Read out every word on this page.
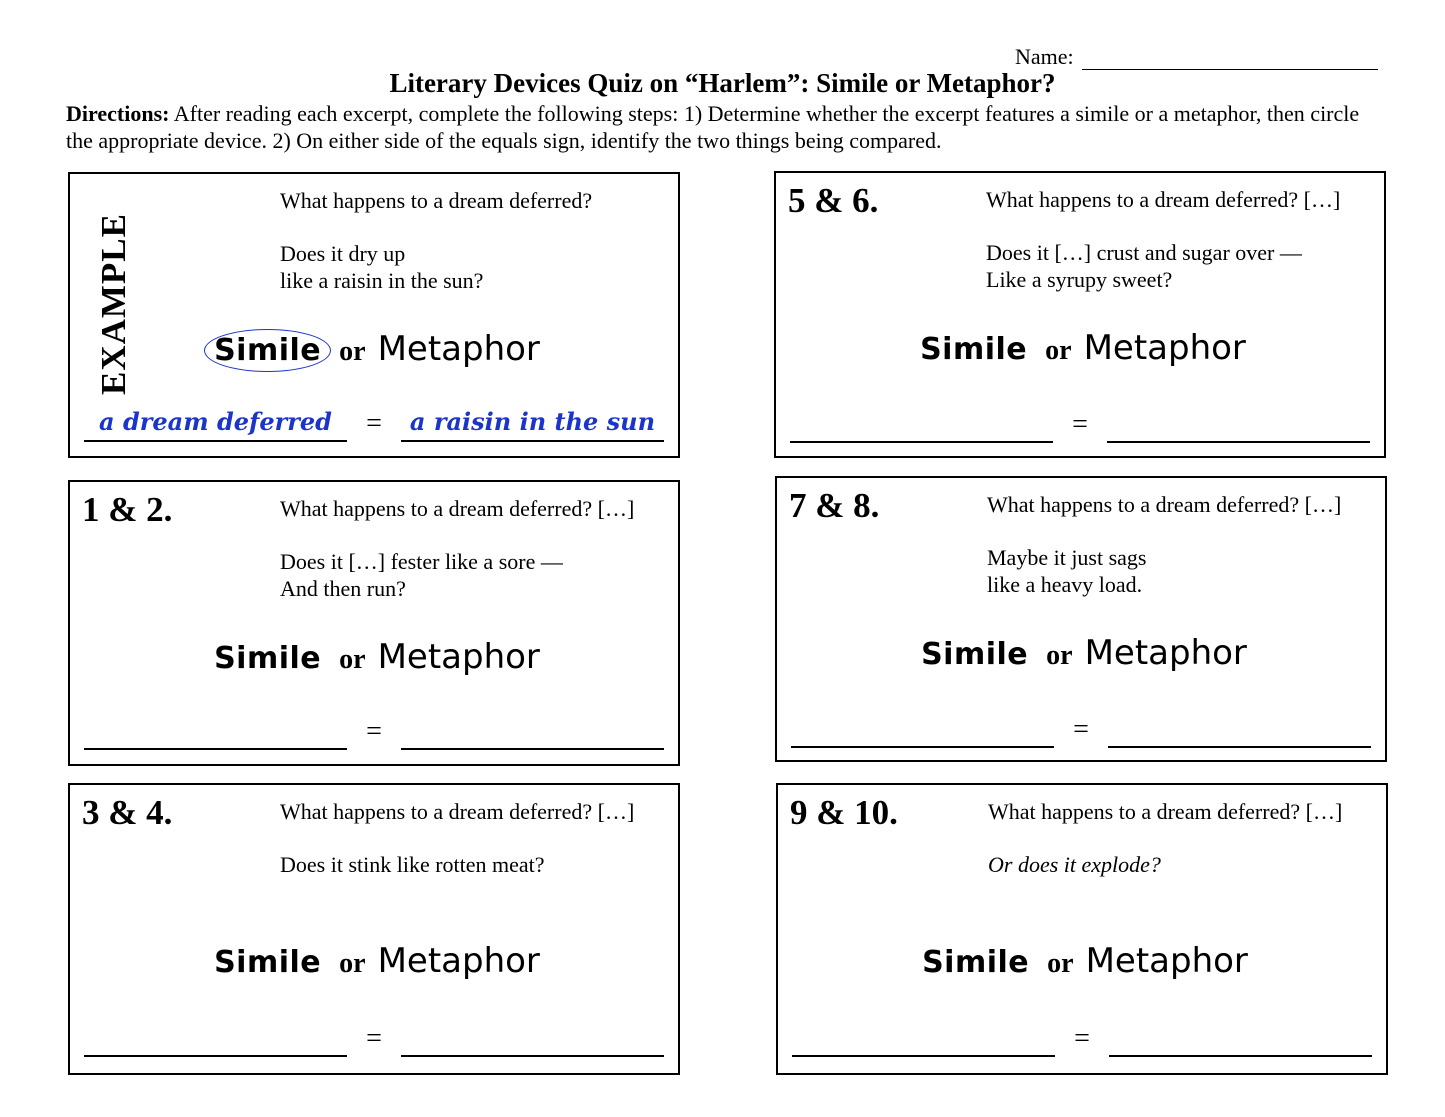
Name:
Literary Devices Quiz on “Harlem”: Simile or Metaphor?
Directions: After reading each excerpt, complete the following steps: 1) Determine whether the excerpt features a simile or a metaphor, then circle the appropriate device. 2) On either side of the equals sign, identify the two things being compared.
EXAMPLE
What happens to a dream deferred?
Does it dry up
like a raisin in the sun?
Simile or Metaphor
a dream deferred	=	a raisin in the sun
1 & 2.	What happens to a dream deferred? […]
Does it […] fester like a sore —
And then run?
Simile or Metaphor
=
3 & 4.	What happens to a dream deferred? […]
Does it stink like rotten meat?
Simile or Metaphor
=
5 & 6.	What happens to a dream deferred? […]
Does it […] crust and sugar over —
Like a syrupy sweet?
Simile or Metaphor
=
7 & 8.	What happens to a dream deferred? […]
Maybe it just sags
like a heavy load.
Simile or Metaphor
=
9 & 10.	What happens to a dream deferred? […]
Or does it explode?
Simile or Metaphor
=
